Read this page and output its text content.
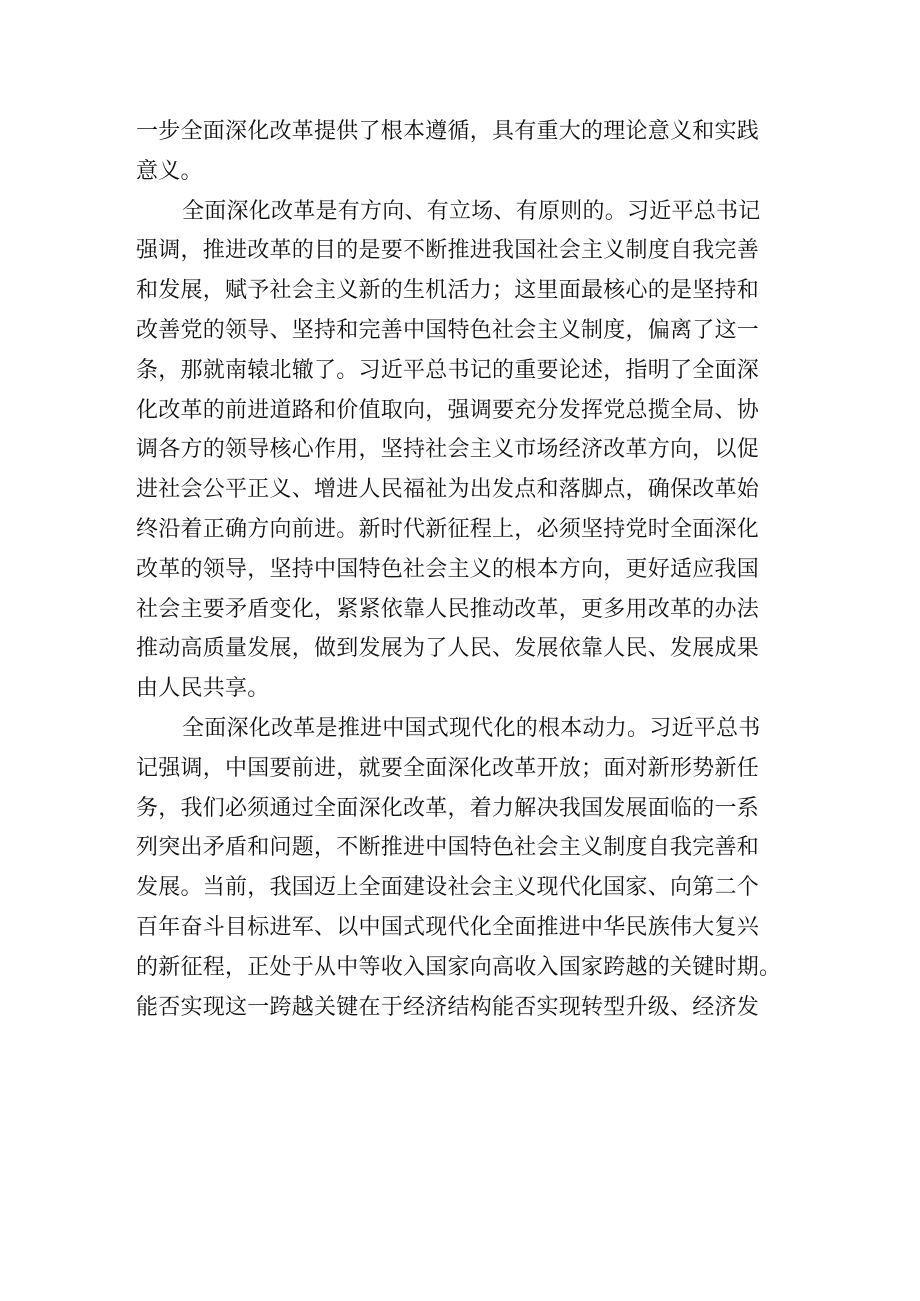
一步全面深化改革提供了根本遵循，具有重大的理论意义和实践
意义。
全面深化改革是有方向、有立场、有原则的。习近平总书记
强调，推进改革的目的是要不断推进我国社会主义制度自我完善
和发展，赋予社会主义新的生机活力；这里面最核心的是坚持和
改善党的领导、坚持和完善中国特色社会主义制度，偏离了这一
条，那就南辕北辙了。习近平总书记的重要论述，指明了全面深
化改革的前进道路和价值取向，强调要充分发挥党总揽全局、协
调各方的领导核心作用，坚持社会主义市场经济改革方向，以促
进社会公平正义、增进人民福祉为出发点和落脚点，确保改革始
终沿着正确方向前进。新时代新征程上，必须坚持党时全面深化
改革的领导，坚持中国特色社会主义的根本方向，更好适应我国
社会主要矛盾变化，紧紧依靠人民推动改革，更多用改革的办法
推动高质量发展，做到发展为了人民、发展依靠人民、发展成果
由人民共享。
全面深化改革是推进中国式现代化的根本动力。习近平总书
记强调，中国要前进，就要全面深化改革开放；面对新形势新任
务，我们必须通过全面深化改革，着力解决我国发展面临的一系
列突出矛盾和问题，不断推进中国特色社会主义制度自我完善和
发展。当前，我国迈上全面建设社会主义现代化国家、向第二个
百年奋斗目标进军、以中国式现代化全面推进中华民族伟大复兴
的新征程，正处于从中等收入国家向高收入国家跨越的关键时期。
能否实现这一跨越关键在于经济结构能否实现转型升级、经济发
